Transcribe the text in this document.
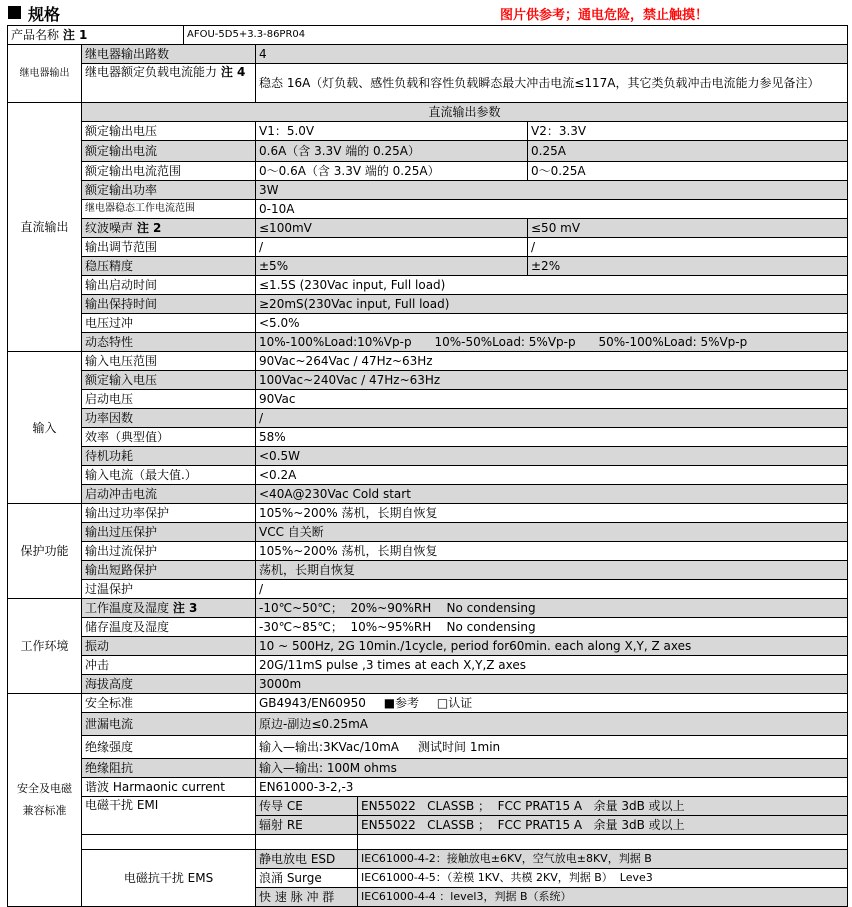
规格	图片供参考；通电危险，禁止触摸！
产品名称 注 1		AFOU-5D5+3.3-86PR04			
继电器输出	继电器输出路数		4		
	继电器额定负载电流能力 注 4		稳态 16A（灯负载、感性负载和容性负载瞬态最大冲击电流≤117A，其它类负载冲击电流能力参见备注）		
直流输出	直流输出参数				
	额定输出电压		V1：5.0V		V2：3.3V
	额定输出电流		0.6A（含 3.3V 端的 0.25A）		0.25A
	额定输出电流范围		0～0.6A（含 3.3V 端的 0.25A）		0～0.25A
	额定输出功率		3W		
	继电器稳态工作电流范围		0-10A		
	纹波噪声 注 2		≤100mV		≤50 mV
	输出调节范围		/		/
	稳压精度		±5%		±2%
	输出启动时间		≤1.5S (230Vac input, Full load)		
	输出保持时间		≥20mS(230Vac input, Full load)		
	电压过冲		<5.0%		
	动态特性		10%-100%Load:10%Vp-p      10%-50%Load: 5%Vp-p      50%-100%Load: 5%Vp-p		
输入	输入电压范围		90Vac~264Vac / 47Hz~63Hz		
	额定输入电压		100Vac~240Vac / 47Hz~63Hz		
	启动电压		90Vac		
	功率因数		/		
	效率（典型值）		58%		
	待机功耗		<0.5W		
	输入电流（最大值.）		<0.2A		
	启动冲击电流		<40A@230Vac Cold start		
保护功能	输出过功率保护		105%~200% 荡机，长期自恢复		
	输出过压保护		VCC 自关断		
	输出过流保护		105%~200% 荡机，长期自恢复		
	输出短路保护		荡机，长期自恢复		
	过温保护		/		
工作环境	工作温度及湿度 注 3		-10℃~50℃；  20%~90%RH    No condensing		
	储存温度及湿度		-30℃~85℃；  10%~95%RH    No condensing		
	振动		10 ~ 500Hz, 2G 10min./1cycle, period for60min. each along X,Y, Z axes		
	冲击		20G/11mS pulse ,3 times at each X,Y,Z axes		
	海拔高度		3000m		

安全及电磁
兼容标准	安全标准		GB4943/EN60950 ■参考 □认证		
	泄漏电流		原边-副边≤0.25mA		
	绝缘强度		输入—输出:3KVac/10mA     测试时间 1min		
	绝缘阻抗		输入—输出: 100M ohms		
	谐波 Harmaonic current		EN61000-3-2,-3		
	电磁干扰 EMI		传导 CE	EN55022   CLASSB ；  FCC PRAT15 A   余量 3dB 或以上	
			辐射 RE	EN55022   CLASSB ；  FCC PRAT15 A   余量 3dB 或以上	

	电磁抗干扰 EMS		静电放电 ESD	IEC61000-4-2：接触放电±6KV，空气放电±8KV，判据 B	
			浪涌 Surge	IEC61000-4-5：（差模 1KV、共模 2KV，判据 B）  Leve3	
			快 速 脉 冲 群	IEC61000-4-4 ：level3，判据 B（系统）	
